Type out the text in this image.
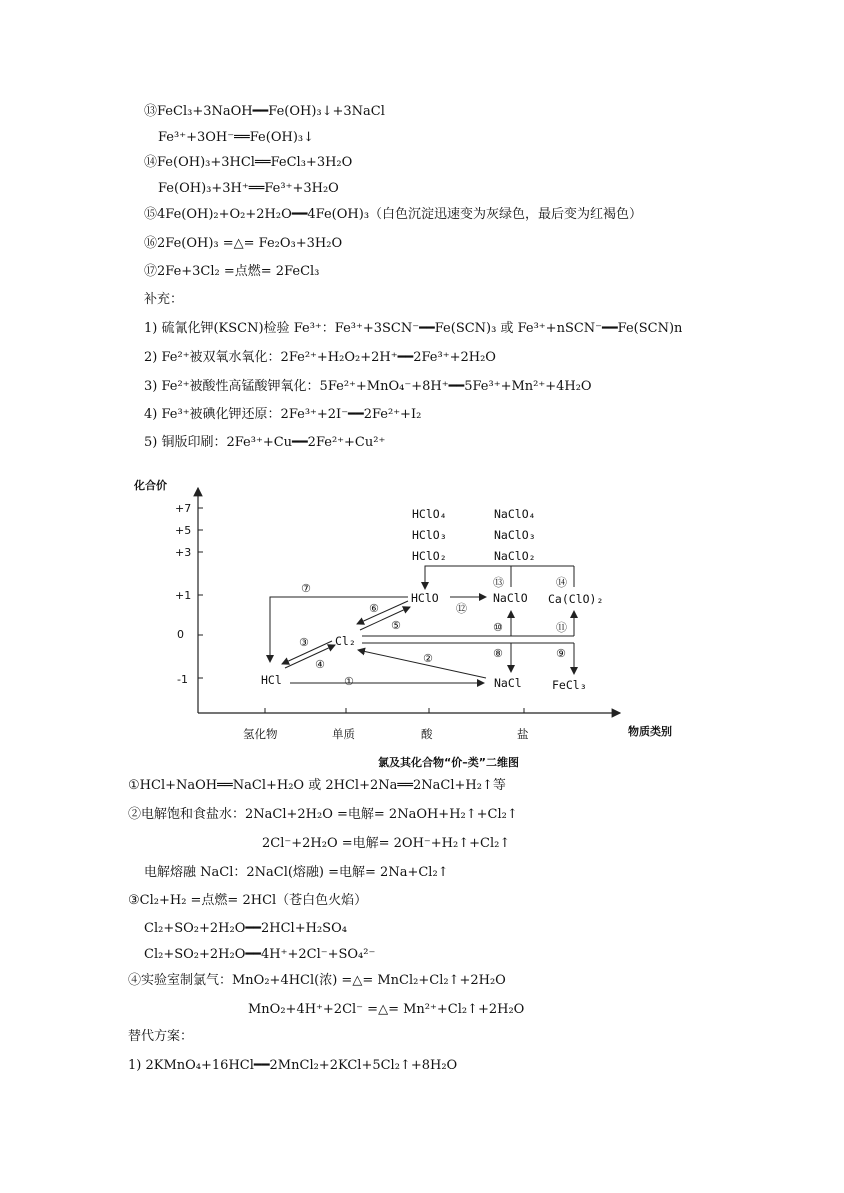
⑬FeCl₃+3NaOH━━Fe(OH)₃↓+3NaCl
Fe³⁺+3OH⁻══Fe(OH)₃↓
⑭Fe(OH)₃+3HCl══FeCl₃+3H₂O
Fe(OH)₃+3H⁺══Fe³⁺+3H₂O
⑮4Fe(OH)₂+O₂+2H₂O━━4Fe(OH)₃（白色沉淀迅速变为灰绿色，最后变为红褐色）
⑯2Fe(OH)₃ =△= Fe₂O₃+3H₂O
⑰2Fe+3Cl₂ =点燃= 2FeCl₃
补充：
1) 硫氰化钾(KSCN)检验 Fe³⁺：Fe³⁺+3SCN⁻━━Fe(SCN)₃ 或 Fe³⁺+nSCN⁻━━Fe(SCN)n
2) Fe²⁺被双氧水氧化：2Fe²⁺+H₂O₂+2H⁺━━2Fe³⁺+2H₂O
3) Fe²⁺被酸性高锰酸钾氧化：5Fe²⁺+MnO₄⁻+8H⁺━━5Fe³⁺+Mn²⁺+4H₂O
4) Fe³⁺被碘化钾还原：2Fe³⁺+2I⁻━━2Fe²⁺+I₂
5) 铜版印刷：2Fe³⁺+Cu━━2Fe²⁺+Cu²⁺
化合价
物质类别
+7
+5
+3
+1
0
-1
氢化物	单质	酸	盐
HClO₄
HClO₃
HClO₂
NaClO₄
NaClO₃
NaClO₂
HClO	NaClO Ca(ClO)₂
Cl₂
HCl	NaCl	FeCl₃
①
②
③
④
⑤
⑥
⑦
⑧	⑨
⑩	⑪
⑫
⑬	⑭
氯及其化合物“价–类”二维图
①HCl+NaOH══NaCl+H₂O 或 2HCl+2Na══2NaCl+H₂↑等
②电解饱和食盐水：2NaCl+2H₂O =电解= 2NaOH+H₂↑+Cl₂↑
2Cl⁻+2H₂O =电解= 2OH⁻+H₂↑+Cl₂↑
电解熔融 NaCl：2NaCl(熔融) =电解= 2Na+Cl₂↑
③Cl₂+H₂ =点燃= 2HCl（苍白色火焰）
Cl₂+SO₂+2H₂O━━2HCl+H₂SO₄
Cl₂+SO₂+2H₂O━━4H⁺+2Cl⁻+SO₄²⁻
④实验室制氯气：MnO₂+4HCl(浓) =△= MnCl₂+Cl₂↑+2H₂O
MnO₂+4H⁺+2Cl⁻ =△= Mn²⁺+Cl₂↑+2H₂O
替代方案：
1) 2KMnO₄+16HCl━━2MnCl₂+2KCl+5Cl₂↑+8H₂O
